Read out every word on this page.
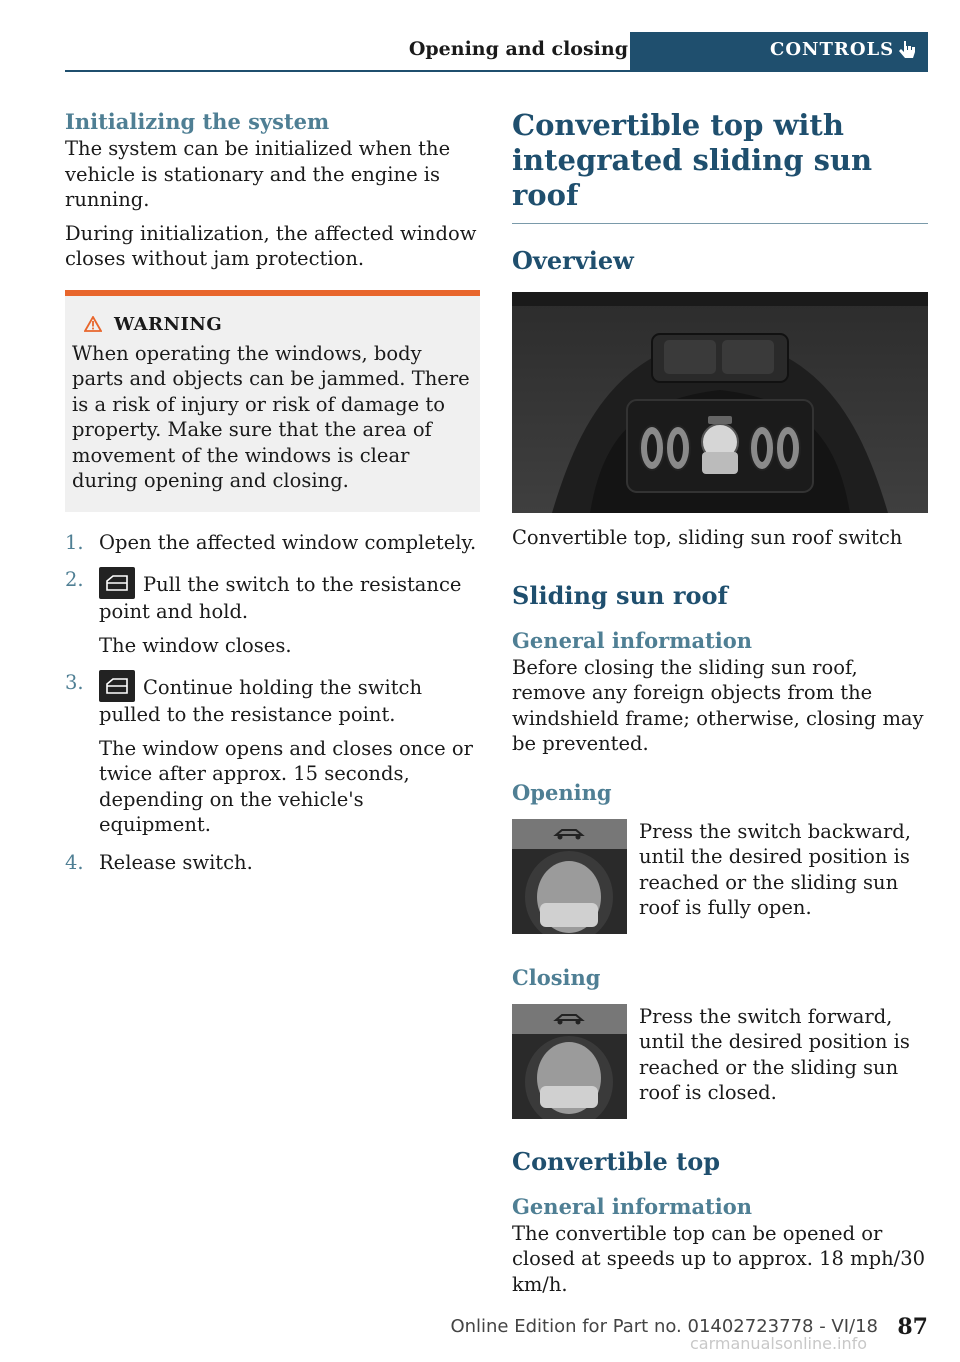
Opening and closing	CONTROLS
Initializing the system

The system can be initialized when the vehicle is stationary and the engine is running.

During initialization, the affected window closes without jam protection.

WARNING

When operating the windows, body parts and objects can be jammed. There is a risk of injury or risk of damage to property. Make sure that the area of movement of the windows is clear during opening and closing.

1. Open the affected window completely.

2.	Pull the switch to the resistance point and hold.

The window closes.

3.	Continue holding the switch pulled to the resistance point.

The window opens and closes once or twice after approx. 15 seconds, depending on the vehicle's equipment.

4. Release switch.

Convertible top with integrated sliding sun roof
Overview

Convertible top, sliding sun roof switch

Sliding sun roof
General information

Before closing the sliding sun roof, remove any foreign objects from the windshield frame; otherwise, closing may be prevented.

Opening

Press the switch backward, until the desired position is reached or the sliding sun roof is fully open.

Closing

Press the switch forward, until the desired position is reached or the sliding sun roof is closed.

Convertible top
General information

The convertible top can be opened or closed at speeds up to approx. 18 mph/30 km/h.

Online Edition for Part no. 01402723778 - VI/18 87
carmanualsonline.info
